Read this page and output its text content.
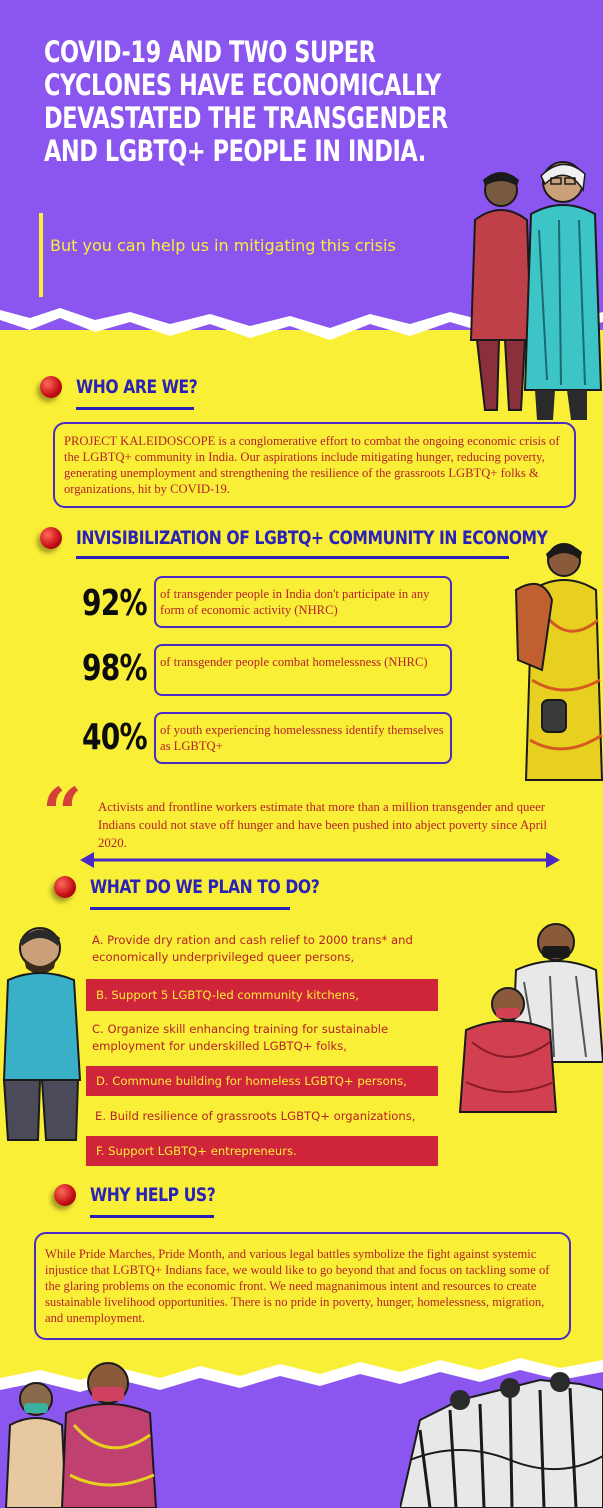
COVID-19 AND TWO SUPER CYCLONES HAVE ECONOMICALLY DEVASTATED THE TRANSGENDER AND LGBTQ+ PEOPLE IN INDIA.
But you can help us in mitigating this crisis
WHO ARE WE?
PROJECT KALEIDOSCOPE is a conglomerative effort to combat the ongoing economic crisis of the LGBTQ+ community in India. Our aspirations include mitigating hunger, reducing poverty, generating unemployment and strengthening the resilience of the grassroots LGBTQ+ folks & organizations, hit by COVID-19.
INVISIBILIZATION OF LGBTQ+ COMMUNITY IN ECONOMY
92%	of transgender people in India don't participate in any form of economic activity (NHRC)
98%	of transgender people combat homelessness (NHRC)
40%	of youth experiencing homelessness identify themselves as LGBTQ+
“ Activists and frontline workers estimate that more than a million transgender and queer Indians could not stave off hunger and have been pushed into abject poverty since April 2020.
WHAT DO WE PLAN TO DO?
A. Provide dry ration and cash relief to 2000 trans* and economically underprivileged queer persons,
B. Support 5 LGBTQ-led community kitchens,
C. Organize skill enhancing training for sustainable employment for underskilled LGBTQ+ folks,
D. Commune building for homeless LGBTQ+ persons,
E. Build resilience of grassroots LGBTQ+ organizations,
F. Support LGBTQ+ entrepreneurs.
WHY HELP US?
While Pride Marches, Pride Month, and various legal battles symbolize the fight against systemic injustice that LGBTQ+ Indians face, we would like to go beyond that and focus on tackling some of the glaring problems on the economic front. We need magnanimous intent and resources to create sustainable livelihood opportunities. There is no pride in poverty, hunger, homelessness, migration, and unemployment.
